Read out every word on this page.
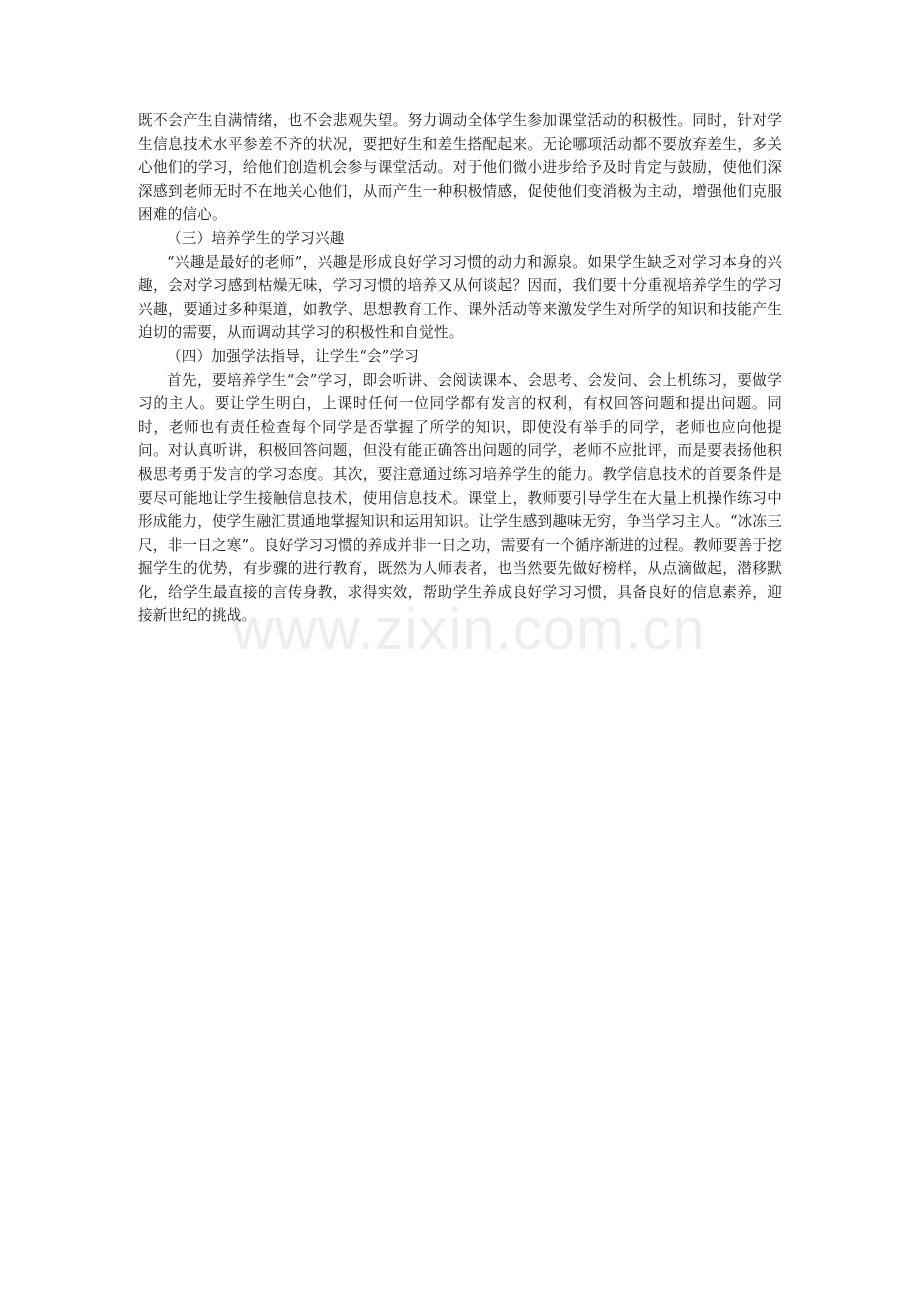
既不会产生自满情绪，也不会悲观失望。努力调动全体学生参加课堂活动的积极性。同时，针对学生信息技术水平参差不齐的状况，要把好生和差生搭配起来。无论哪项活动都不要放弃差生，多关心他们的学习，给他们创造机会参与课堂活动。对于他们微小进步给予及时肯定与鼓励，使他们深深感到老师无时不在地关心他们，从而产生一种积极情感，促使他们变消极为主动，增强他们克服困难的信心。

（三）培养学生的学习兴趣

“兴趣是最好的老师”，兴趣是形成良好学习习惯的动力和源泉。如果学生缺乏对学习本身的兴趣，会对学习感到枯燥无味，学习习惯的培养又从何谈起？因而，我们要十分重视培养学生的学习兴趣，要通过多种渠道，如教学、思想教育工作、课外活动等来激发学生对所学的知识和技能产生迫切的需要，从而调动其学习的积极性和自觉性。

（四）加强学法指导，让学生“会”学习

首先，要培养学生“会”学习，即会听讲、会阅读课本、会思考、会发问、会上机练习，要做学习的主人。要让学生明白，上课时任何一位同学都有发言的权利，有权回答问题和提出问题。同时，老师也有责任检查每个同学是否掌握了所学的知识，即使没有举手的同学，老师也应向他提问。对认真听讲，积极回答问题，但没有能正确答出问题的同学，老师不应批评，而是要表扬他积极思考勇于发言的学习态度。其次，要注意通过练习培养学生的能力。教学信息技术的首要条件是要尽可能地让学生接触信息技术，使用信息技术。课堂上，教师要引导学生在大量上机操作练习中形成能力，使学生融汇贯通地掌握知识和运用知识。让学生感到趣味无穷，争当学习主人。“冰冻三尺，非一日之寒”。良好学习习惯的养成并非一日之功，需要有一个循序渐进的过程。教师要善于挖掘学生的优势，有步骤的进行教育，既然为人师表者，也当然要先做好榜样，从点滴做起，潜移默化，给学生最直接的言传身教，求得实效，帮助学生养成良好学习习惯，具备良好的信息素养，迎接新世纪的挑战。

www.zixin.com.cn
